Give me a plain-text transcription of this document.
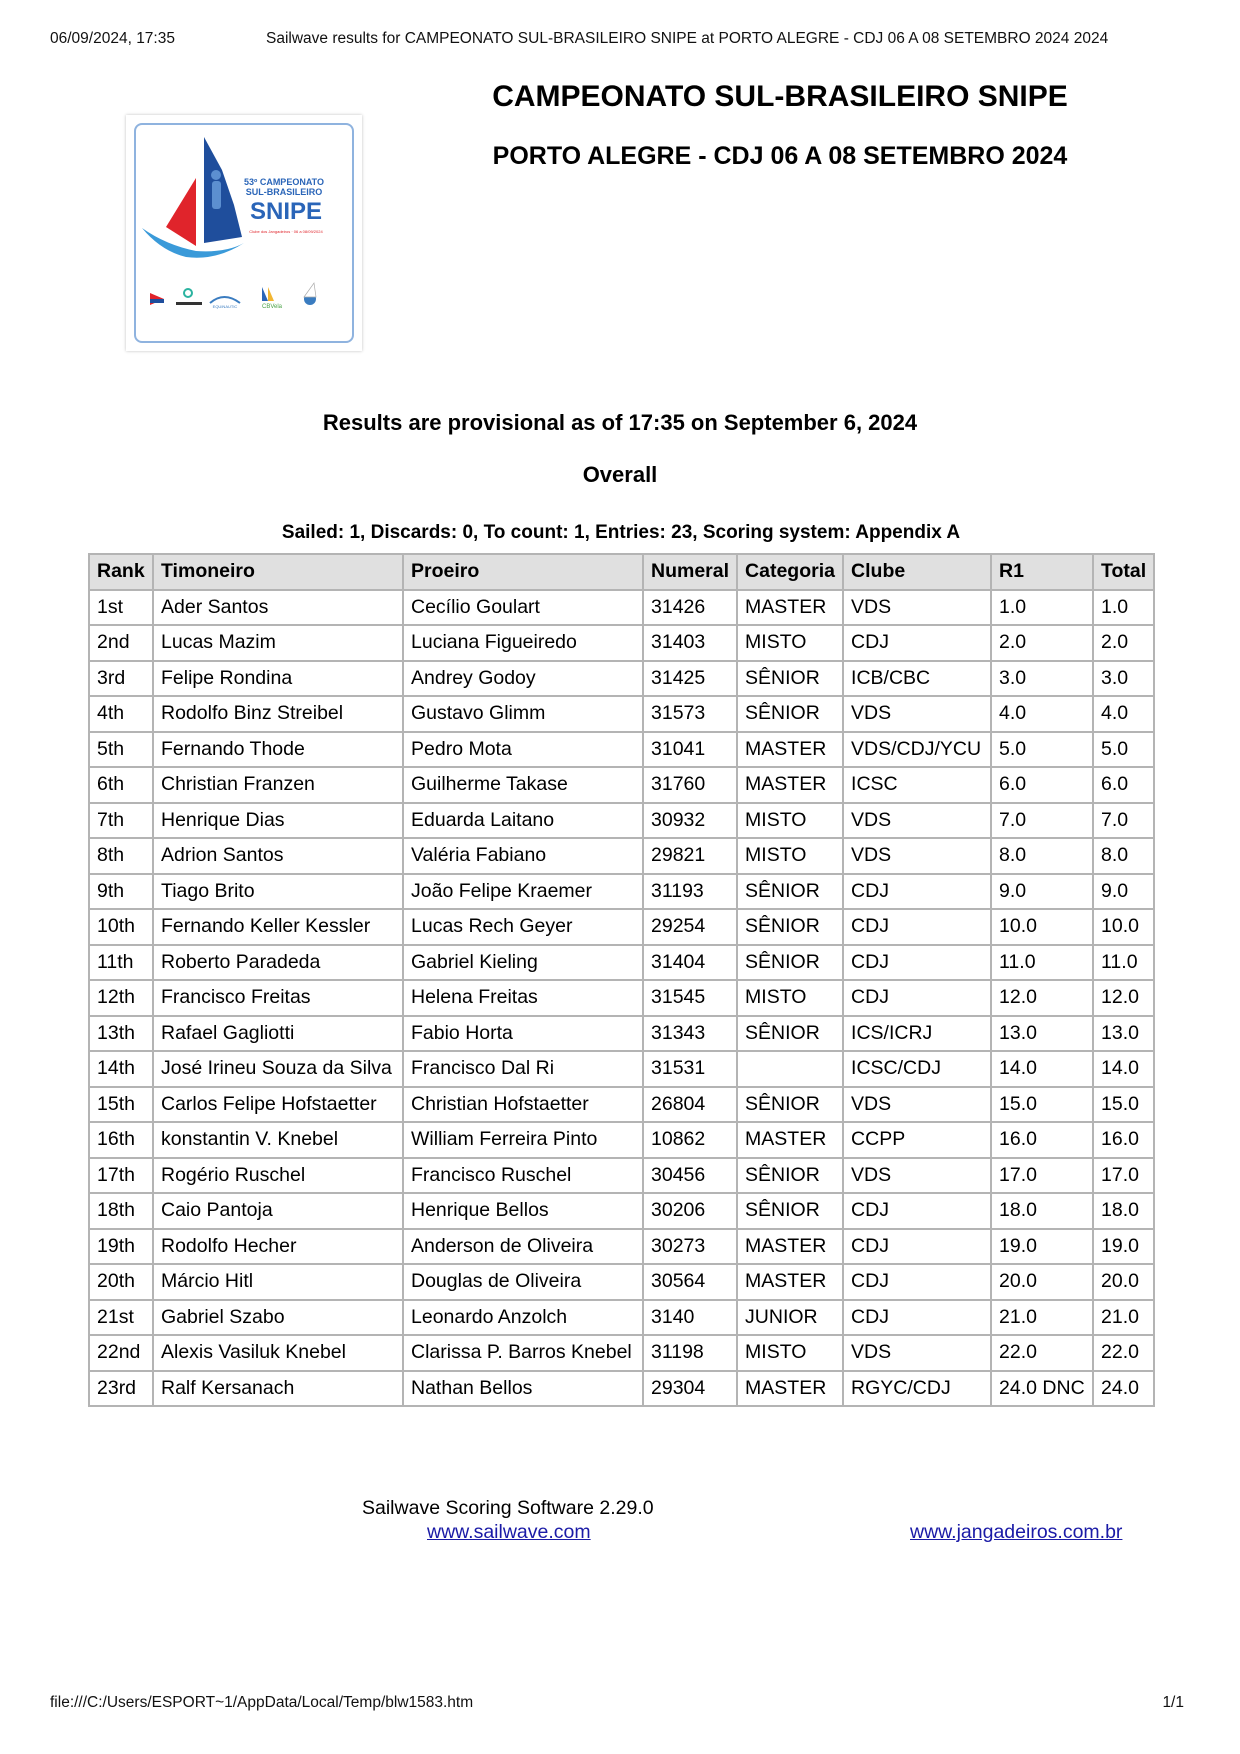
06/09/2024, 17:35	Sailwave results for CAMPEONATO SUL-BRASILEIRO SNIPE at PORTO ALEGRE - CDJ 06 A 08 SETEMBRO 2024 2024
53º CAMPEONATO
SUL-BRASILEIRO
SNIPE
Clube dos Jangadeiros · 06 a 08/09/2024
EQUINAUTIC	CBVela
CAMPEONATO SUL-BRASILEIRO SNIPE
PORTO ALEGRE - CDJ 06 A 08 SETEMBRO 2024
Results are provisional as of 17:35 on September 6, 2024
Overall
Sailed: 1, Discards: 0, To count: 1, Entries: 23, Scoring system: Appendix A
Rank	Timoneiro	Proeiro	Numeral	Categoria	Clube	R1	Total
1st	Ader Santos	Cecílio Goulart	31426	MASTER	VDS	1.0	1.0
2nd	Lucas Mazim	Luciana Figueiredo	31403	MISTO	CDJ	2.0	2.0
3rd	Felipe Rondina	Andrey Godoy	31425	SÊNIOR	ICB/CBC	3.0	3.0
4th	Rodolfo Binz Streibel	Gustavo Glimm	31573	SÊNIOR	VDS	4.0	4.0
5th	Fernando Thode	Pedro Mota	31041	MASTER	VDS/CDJ/YCU	5.0	5.0
6th	Christian Franzen	Guilherme Takase	31760	MASTER	ICSC	6.0	6.0
7th	Henrique Dias	Eduarda Laitano	30932	MISTO	VDS	7.0	7.0
8th	Adrion Santos	Valéria Fabiano	29821	MISTO	VDS	8.0	8.0
9th	Tiago Brito	João Felipe Kraemer	31193	SÊNIOR	CDJ	9.0	9.0
10th	Fernando Keller Kessler	Lucas Rech Geyer	29254	SÊNIOR	CDJ	10.0	10.0
11th	Roberto Paradeda	Gabriel Kieling	31404	SÊNIOR	CDJ	11.0	11.0
12th	Francisco Freitas	Helena Freitas	31545	MISTO	CDJ	12.0	12.0
13th	Rafael Gagliotti	Fabio Horta	31343	SÊNIOR	ICS/ICRJ	13.0	13.0
14th	José Irineu Souza da Silva	Francisco Dal Ri	31531		ICSC/CDJ	14.0	14.0
15th	Carlos Felipe Hofstaetter	Christian Hofstaetter	26804	SÊNIOR	VDS	15.0	15.0
16th	konstantin V. Knebel	William Ferreira Pinto	10862	MASTER	CCPP	16.0	16.0
17th	Rogério Ruschel	Francisco Ruschel	30456	SÊNIOR	VDS	17.0	17.0
18th	Caio Pantoja	Henrique Bellos	30206	SÊNIOR	CDJ	18.0	18.0
19th	Rodolfo Hecher	Anderson de Oliveira	30273	MASTER	CDJ	19.0	19.0
20th	Márcio Hitl	Douglas de Oliveira	30564	MASTER	CDJ	20.0	20.0
21st	Gabriel Szabo	Leonardo Anzolch	3140	JUNIOR	CDJ	21.0	21.0
22nd	Alexis Vasiluk Knebel	Clarissa P. Barros Knebel	31198	MISTO	VDS	22.0	22.0
23rd	Ralf Kersanach	Nathan Bellos	29304	MASTER	RGYC/CDJ	24.0 DNC	24.0
Sailwave Scoring Software 2.29.0
www.sailwave.com	www.jangadeiros.com.br
file:///C:/Users/ESPORT~1/AppData/Local/Temp/blw1583.htm	1/1
